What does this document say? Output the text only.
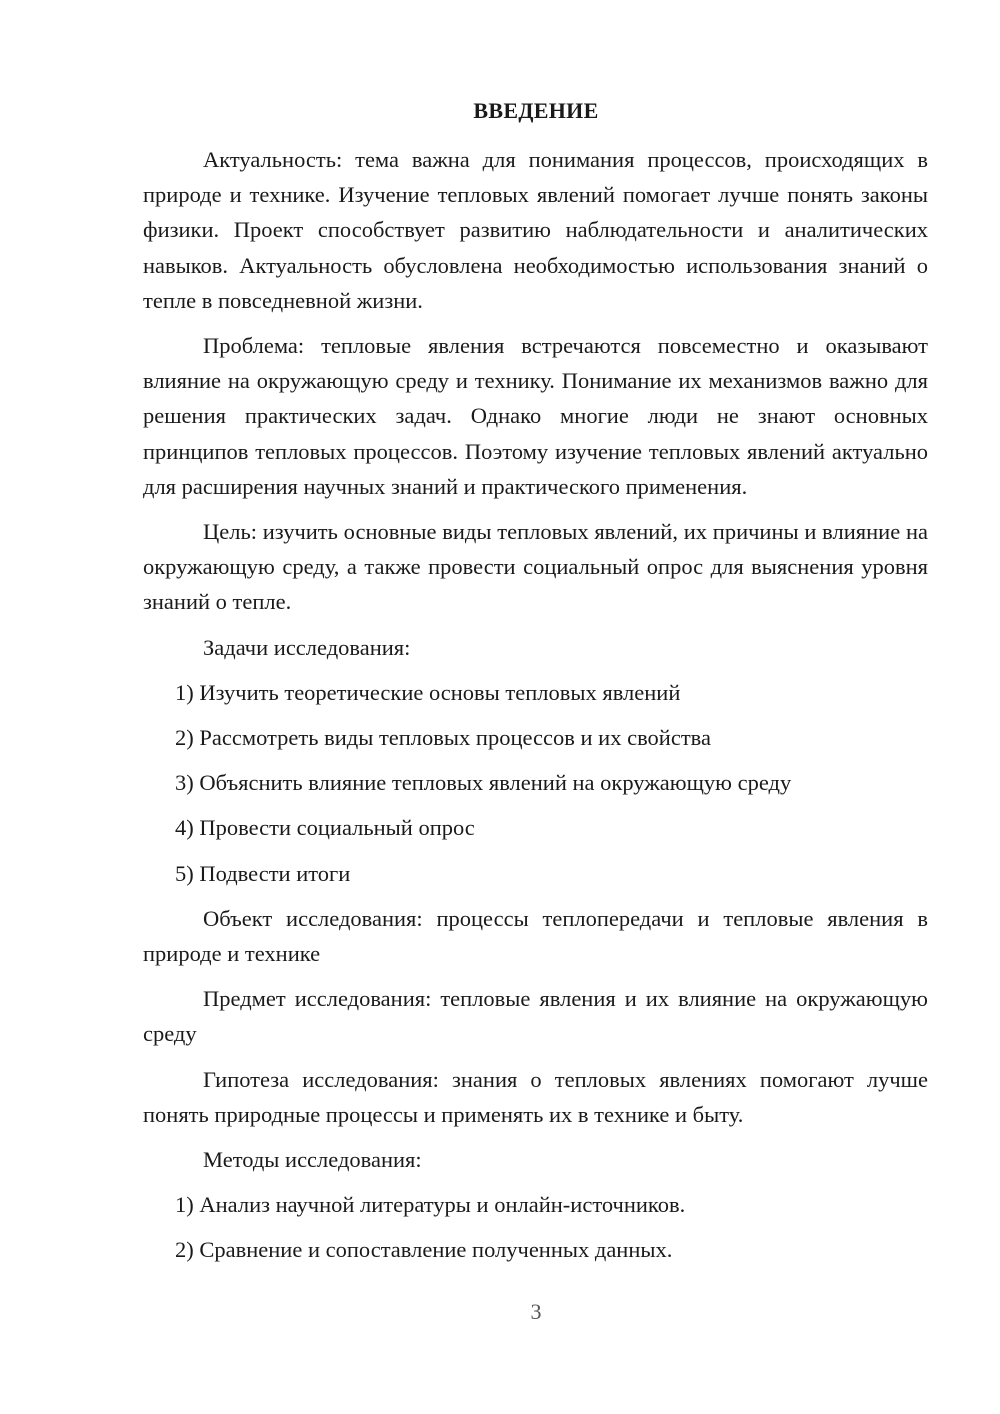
ВВЕДЕНИЕ

Актуальность: тема важна для понимания процессов, происходящих в природе и технике. Изучение тепловых явлений помогает лучше понять законы физики. Проект способствует развитию наблюдательности и аналитических навыков. Актуальность обусловлена необходимостью использования знаний о тепле в повседневной жизни.

Проблема: тепловые явления встречаются повсеместно и оказывают влияние на окружающую среду и технику. Понимание их механизмов важно для решения практических задач. Однако многие люди не знают основных принципов тепловых процессов. Поэтому изучение тепловых явлений актуально для расширения научных знаний и практического применения.

Цель: изучить основные виды тепловых явлений, их причины и влияние на окружающую среду, а также провести социальный опрос для выяснения уровня знаний о тепле.

Задачи исследования:

1) Изучить теоретические основы тепловых явлений
2) Рассмотреть виды тепловых процессов и их свойства
3) Объяснить влияние тепловых явлений на окружающую среду
4) Провести социальный опрос
5) Подвести итоги

Объект исследования: процессы теплопередачи и тепловые явления в природе и технике

Предмет исследования: тепловые явления и их влияние на окружающую среду

Гипотеза исследования: знания о тепловых явлениях помогают лучше понять природные процессы и применять их в технике и быту.

Методы исследования:

1) Анализ научной литературы и онлайн-источников.
2) Сравнение и сопоставление полученных данных.
3
